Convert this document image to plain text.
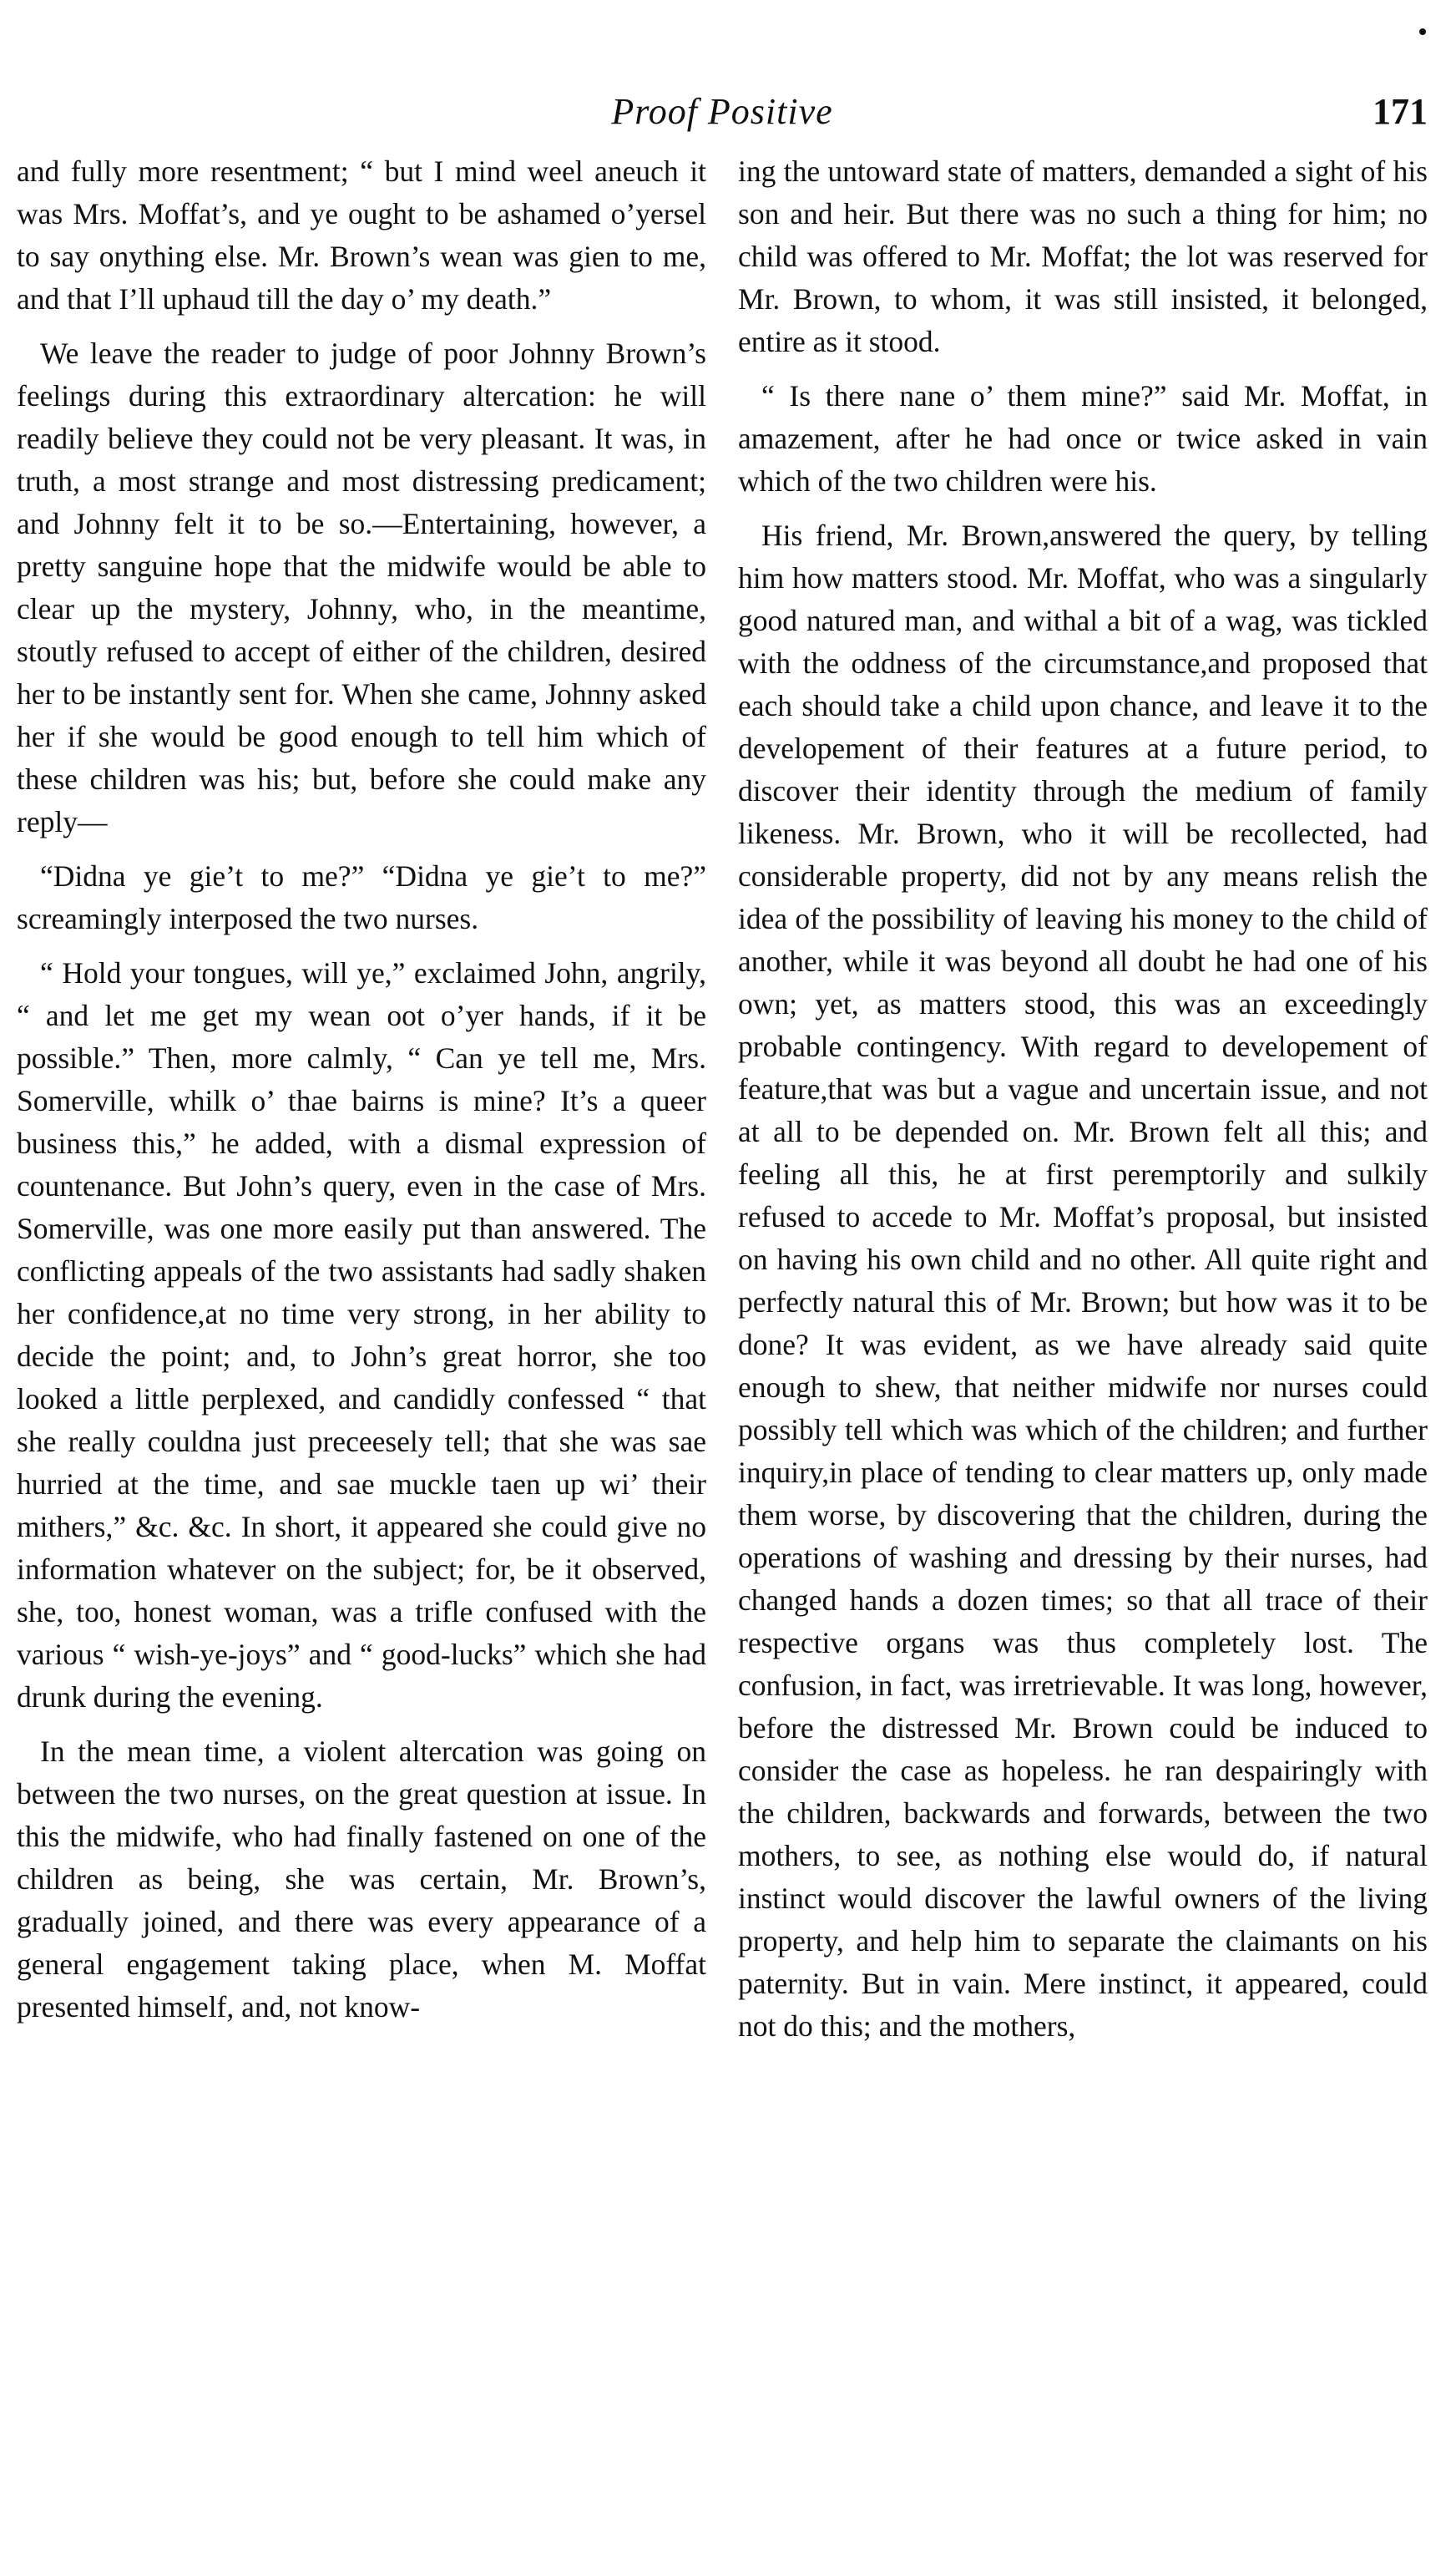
Proof Positive	171

and fully more resentment; “ but I mind weel aneuch it was Mrs. Moffat’s, and ye ought to be ashamed o’yersel to say onything else. Mr. Brown’s wean was gien to me, and that I’ll uphaud till the day o’ my death.”

We leave the reader to judge of poor Johnny Brown’s feelings during this extraordinary altercation: he will readily believe they could not be very pleasant. It was, in truth, a most strange and most distressing predicament; and Johnny felt it to be so.—Entertaining, however, a pretty sanguine hope that the midwife would be able to clear up the mystery, Johnny, who, in the meantime, stoutly refused to accept of either of the children, desired her to be instantly sent for. When she came, Johnny asked her if she would be good enough to tell him which of these children was his; but, before she could make any reply—

“Didna ye gie’t to me?” “Didna ye gie’t to me?” screamingly interposed the two nurses.

“ Hold your tongues, will ye,” exclaimed John, angrily, “ and let me get my wean oot o’yer hands, if it be possible.” Then, more calmly, “ Can ye tell me, Mrs. Somerville, whilk o’ thae bairns is mine? It’s a queer business this,” he added, with a dismal expression of countenance. But John’s query, even in the case of Mrs. Somerville, was one more easily put than answered. The conflicting appeals of the two assistants had sadly shaken her confidence,at no time very strong, in her ability to decide the point; and, to John’s great horror, she too looked a little perplexed, and candidly confessed “ that she really couldna just preceesely tell; that she was sae hurried at the time, and sae muckle taen up wi’ their mithers,” &c. &c. In short, it appeared she could give no information whatever on the subject; for, be it observed, she, too, honest woman, was a trifle confused with the various “ wish-ye-joys” and “ good-lucks” which she had drunk during the evening.

In the mean time, a violent altercation was going on between the two nurses, on the great question at issue. In this the midwife, who had finally fastened on one of the children as being, she was certain, Mr. Brown’s, gradually joined, and there was every appearance of a general engagement taking place, when M. Moffat presented himself, and, not know-

ing the untoward state of matters, demanded a sight of his son and heir. But there was no such a thing for him; no child was offered to Mr. Moffat; the lot was reserved for Mr. Brown, to whom, it was still insisted, it belonged, entire as it stood.

“ Is there nane o’ them mine?” said Mr. Moffat, in amazement, after he had once or twice asked in vain which of the two children were his.

His friend, Mr. Brown,answered the query, by telling him how matters stood. Mr. Moffat, who was a singularly good natured man, and withal a bit of a wag, was tickled with the oddness of the circumstance,and proposed that each should take a child upon chance, and leave it to the developement of their features at a future period, to discover their identity through the medium of family likeness. Mr. Brown, who it will be recollected, had considerable property, did not by any means relish the idea of the possibility of leaving his money to the child of another, while it was beyond all doubt he had one of his own; yet, as matters stood, this was an exceedingly probable contingency. With regard to developement of feature,that was but a vague and uncertain issue, and not at all to be depended on. Mr. Brown felt all this; and feeling all this, he at first peremptorily and sulkily refused to accede to Mr. Moffat’s proposal, but insisted on having his own child and no other. All quite right and perfectly natural this of Mr. Brown; but how was it to be done? It was evident, as we have already said quite enough to shew, that neither midwife nor nurses could possibly tell which was which of the children; and further inquiry,in place of tending to clear matters up, only made them worse, by discovering that the children, during the operations of washing and dressing by their nurses, had changed hands a dozen times; so that all trace of their respective organs was thus completely lost. The confusion, in fact, was irretrievable. It was long, however, before the distressed Mr. Brown could be induced to consider the case as hopeless. he ran despairingly with the children, backwards and forwards, between the two mothers, to see, as nothing else would do, if natural instinct would discover the lawful owners of the living property, and help him to separate the claimants on his paternity. But in vain. Mere instinct, it appeared, could not do this; and the mothers,
